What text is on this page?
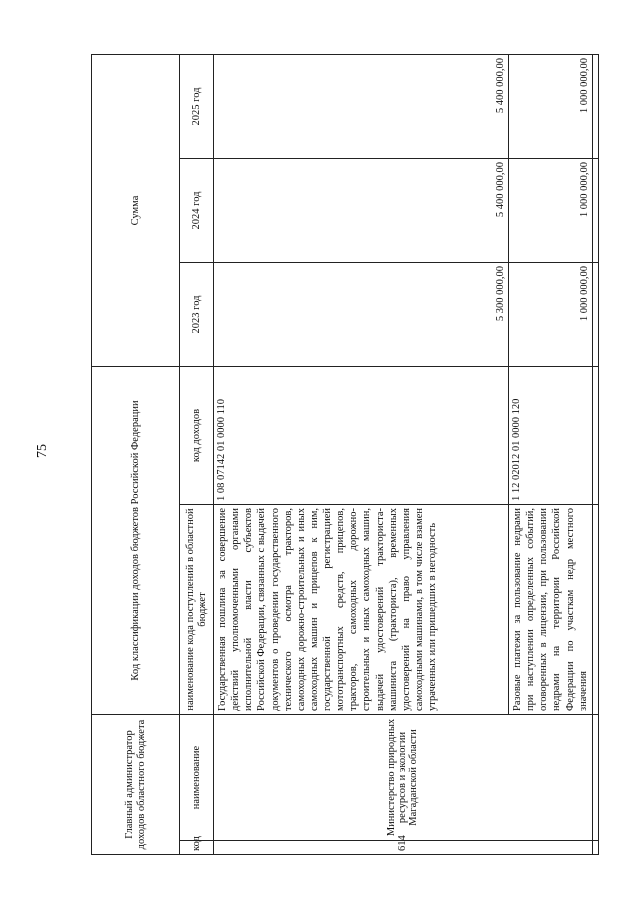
75
Главный администратор доходов областного бюджета		Код классификации доходов бюджетов Российской Федерации		Сумма		
код	наименование	наименование кода поступлений в областной бюджет	код доходов	2023 год	2024 год	2025 год
614	Министерство природных ресурсов и экологии Магаданской области	Государственная пошлина за совершение действий уполномоченными органами исполнительной власти субъектов Российской Федерации, связанных с выдачей документов о проведении государственного технического осмотра тракторов, самоходных дорожно-строительных и иных самоходных машин и прицепов к ним, государственной регистрацией мототранспортных средств, прицепов, тракторов, самоходных дорожно-строительных и иных самоходных машин, выдачей удостоверений тракториста-машиниста (тракториста), временных удостоверений на право управления самоходными машинами, в том числе взамен утраченных или пришедших в негодность	1 08 07142 01 0000 110	5 300 000,00	5 400 000,00	5 400 000,00
		Разовые платежи за пользование недрами при наступлении определенных событий, оговоренных в лицензии, при пользовании недрами на территории Российской Федерации по участкам недр местного значения	1 12 02012 01 0000 120	1 000 000,00	1 000 000,00	1 000 000,00
